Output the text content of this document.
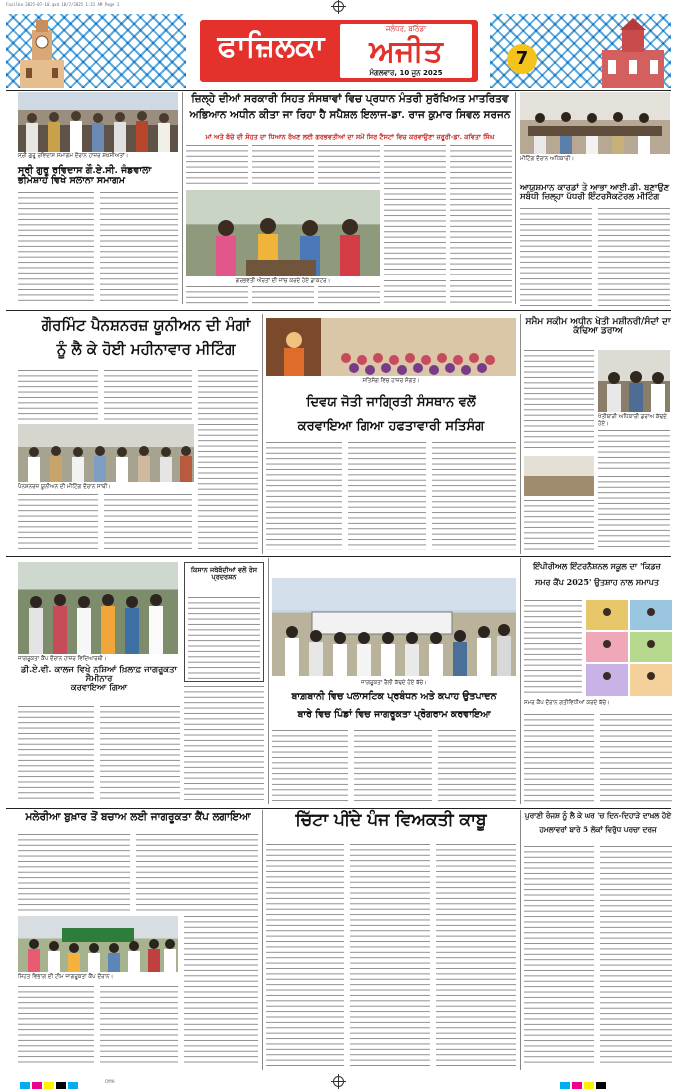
Fazilka-2025-07-10.qxd 10/7/2025 1:31 AM Page 1
CMYK
ਫਾਜ਼ਿਲਕਾ	ਜਲੰਧਰ, ਬਠਿੰਡਾ
ਅਜੀਤ
ਮੰਗਲਵਾਰ, 10 ਜੂਨ 2025
7
ਸ੍ਰੀ ਗੁਰੂ ਰਵਿਦਾਸ ਸਮਾਗਮ ਦੌਰਾਨ ਹਾਜ਼ਰ ਸ਼ਖ਼ਸੀਅਤਾਂ।
ਸ੍ਰੀ ਗੁਰੂ ਰਵਿਦਾਸ ਗੌ.ਏ.ਸੀ. ਜੰਡਵਾਲਾ ਭੀਮੇਸ਼ਾਹ ਵਿਖੇ ਸਲਾਨਾ ਸਮਾਗਮ
ਜ਼ਿਲ੍ਹੇ ਦੀਆਂ ਸਰਕਾਰੀ ਸਿਹਤ ਸੰਸਥਾਵਾਂ ਵਿਚ ਪ੍ਰਧਾਨ ਮੰਤਰੀ ਸੁਰੱਖਿਅਤ ਮਾਤਰਿਤਵ
ਅਭਿਆਨ ਅਧੀਨ ਕੀਤਾ ਜਾ ਰਿਹਾ ਹੈ ਸਪੈਸ਼ਲ ਇਲਾਜ-ਡਾ. ਰਾਜ ਕੁਮਾਰ ਸਿਵਲ ਸਰਜਨ
ਮਾਂ ਅਤੇ ਬੱਚੇ ਦੀ ਸੋਹਤ ਦਾ ਧਿਆਨ ਰੱਖਣ ਲਈ ਗਰਭਵਤੀਆਂ ਦਾ ਸਮੇਂ ਸਿਰ ਟੈਸਟਾਂ ਵਿਚ ਕਰਵਾਉਣਾ ਜ਼ਰੂਰੀ-ਡਾ. ਕਵਿਤਾ ਸਿੰਘ
ਗਰਭਵਤੀ ਔਰਤਾਂ ਦੀ ਜਾਂਚ ਕਰਦੇ ਹੋਏ ਡਾਕਟਰ।
ਮੀਟਿੰਗ ਦੌਰਾਨ ਅਧਿਕਾਰੀ।
ਆਯੁਸ਼ਮਾਨ ਕਾਰਡਾਂ ਤੇ ਆਭਾ ਆਈ.ਡੀ. ਬਣਾਉਣ ਸਬੰਧੀ ਜ਼ਿਲ੍ਹਾ ਪੱਧਰੀ ਇੰਟਰਸੈਕਟੋਰਲ ਮੀਟਿੰਗ
ਗੌਰਮਿੰਟ ਪੈਨਸ਼ਨਰਜ਼ ਯੂਨੀਅਨ ਦੀ ਮੰਗਾਂ
ਨੂੰ ਲੈ ਕੇ ਹੋਈ ਮਹੀਨਾਵਾਰ ਮੀਟਿੰਗ
ਪੈਨਸ਼ਨਰਜ਼ ਯੂਨੀਅਨ ਦੀ ਮੀਟਿੰਗ ਦੌਰਾਨ ਸਾਥੀ।
ਸਤਿਸੰਗ ਵਿਚ ਹਾਜ਼ਰ ਸੰਗਤ।
ਦਿਵਯ ਜੋਤੀ ਜਾਗ੍ਰਿਤੀ ਸੰਸਥਾਨ ਵਲੋਂ
ਕਰਵਾਇਆ ਗਿਆ ਹਫਤਾਵਾਰੀ ਸਤਿਸੰਗ
ਸਮੈਮ ਸਕੀਮ ਅਧੀਨ ਖੇਤੀ ਮਸ਼ੀਨਰੀ/ਸੰਦਾਂ ਦਾ ਕੱਢਿਆ ਡਰਾਅ
ਖੇਤੀਬਾੜੀ ਅਧਿਕਾਰੀ ਡਰਾਅ ਕੱਢਦੇ ਹੋਏ।
ਜਾਗਰੂਕਤਾ ਕੈਂਪ ਦੌਰਾਨ ਹਾਜ਼ਰ ਵਿਦਿਆਰਥੀ।
ਡੀ.ਏ.ਵੀ. ਕਾਲਜ ਵਿਖੇ ਨਸ਼ਿਆਂ ਖ਼ਿਲਾਫ਼ ਜਾਗਰੂਕਤਾ ਸੈਮੀਨਾਰ
ਕਰਵਾਇਆ ਗਿਆ
ਕਿਸਾਨ ਜਥੇਬੰਦੀਆਂ ਵਲੋਂ ਰੋਸ ਪ੍ਰਦਰਸ਼ਨ
ਜਾਗਰੂਕਤਾ ਰੈਲੀ ਕੱਢਦੇ ਹੋਏ ਬੱਚੇ।
ਬਾਗ਼ਬਾਨੀ ਵਿਚ ਪਲਾਸਟਿਕ ਪ੍ਰਬੰਧਨ ਅਤੇ ਕਪਾਹ ਉਤਪਾਦਨ
ਬਾਰੇ ਵਿਚ ਪਿੰਡਾਂ ਵਿਚ ਜਾਗਰੂਕਤਾ ਪ੍ਰੋਗਰਾਮ ਕਰਵਾਇਆ
ਇੰਪੀਰੀਅਲ ਇੰਟਰਨੈਸ਼ਨਲ ਸਕੂਲ ਦਾ 'ਕਿਡਜ਼
ਸਮਰ ਕੈਂਪ 2025' ਉਤਸ਼ਾਹ ਨਾਲ ਸਮਾਪਤ
ਸਮਰ ਕੈਂਪ ਦੌਰਾਨ ਗਤੀਵਿਧੀਆਂ ਕਰਦੇ ਬੱਚੇ।
ਮਲੇਰੀਆ ਬੁਖ਼ਾਰ ਤੋਂ ਬਚਾਅ ਲਈ ਜਾਗਰੂਕਤਾ ਕੈਂਪ ਲਗਾਇਆ
ਸਿਹਤ ਵਿਭਾਗ ਦੀ ਟੀਮ ਜਾਗਰੂਕਤਾ ਕੈਂਪ ਦੌਰਾਨ।
ਚਿੱਟਾ ਪੀਂਦੇ ਪੰਜ ਵਿਅਕਤੀ ਕਾਬੂ	ਪੁਰਾਣੀ ਰੰਜਸ਼ ਨੂੰ ਲੈ ਕੇ ਘਰ 'ਚ ਦਿਨ-ਦਿਹਾੜੇ ਦਾਖ਼ਲ ਹੋਏ
ਹਮਲਾਵਰਾਂ ਬਾਰੇ 5 ਲੋਕਾਂ ਵਿਰੁੱਧ ਪਰਚਾ ਦਰਜ
